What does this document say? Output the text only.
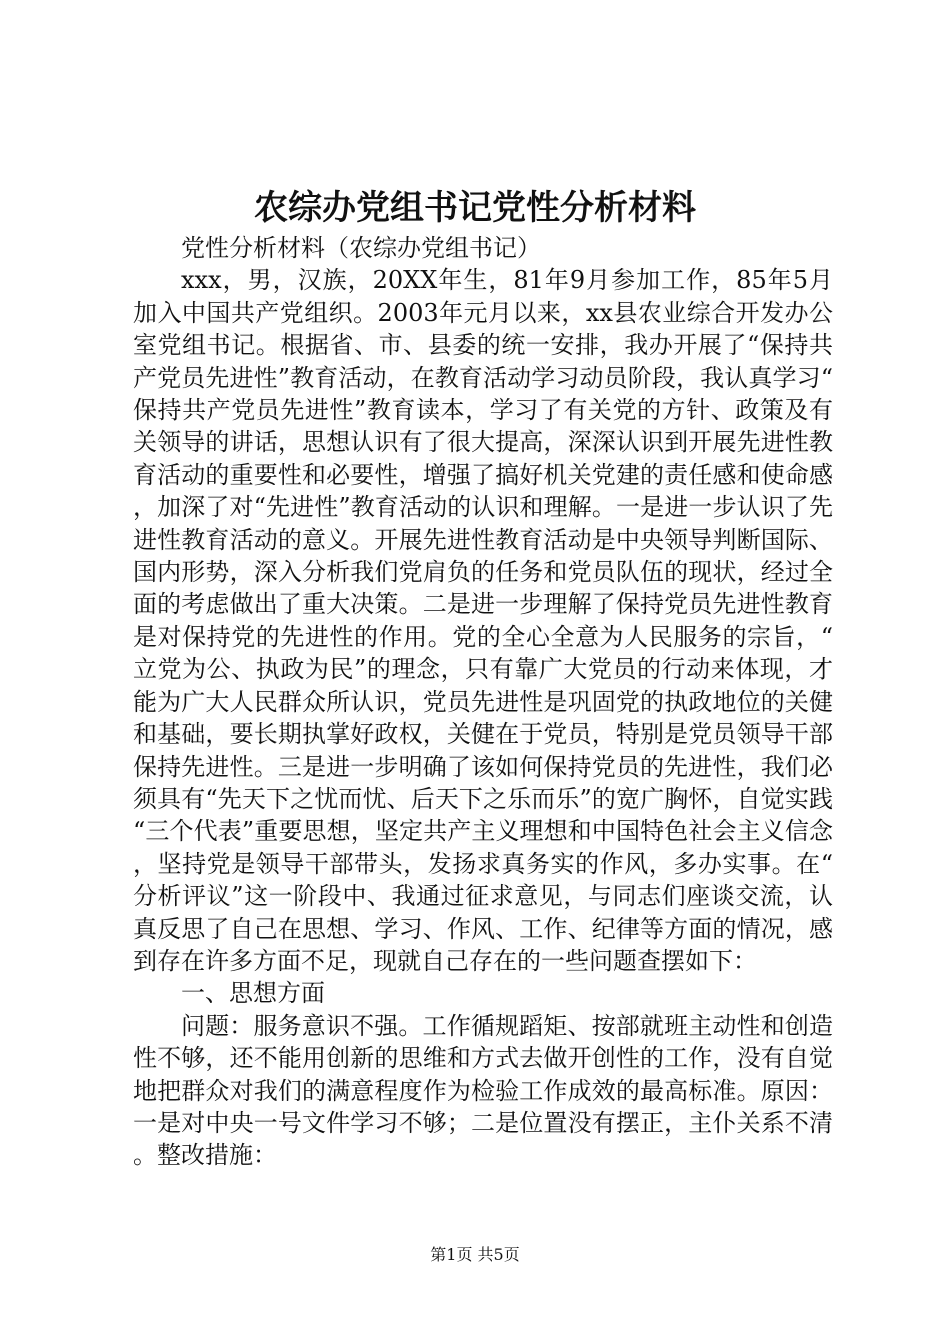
农综办党组书记党性分析材料

党性分析材料（农综办党组书记）

xxx，男，汉族，20XX年生，81年9月参加工作，85年5月加入中国共产党组织。2003年元月以来，xx县农业综合开发办公室党组书记。根据省、市、县委的统一安排，我办开展了“保持共产党员先进性”教育活动，在教育活动学习动员阶段，我认真学习“保持共产党员先进性”教育读本，学习了有关党的方针、政策及有关领导的讲话，思想认识有了很大提高，深深认识到开展先进性教育活动的重要性和必要性，增强了搞好机关党建的责任感和使命感，加深了对“先进性”教育活动的认识和理解。一是进一步认识了先进性教育活动的意义。开展先进性教育活动是中央领导判断国际、国内形势，深入分析我们党肩负的任务和党员队伍的现状，经过全面的考虑做出了重大决策。二是进一步理解了保持党员先进性教育是对保持党的先进性的作用。党的全心全意为人民服务的宗旨，“立党为公、执政为民”的理念，只有靠广大党员的行动来体现，才能为广大人民群众所认识，党员先进性是巩固党的执政地位的关健和基础，要长期执掌好政权，关健在于党员，特别是党员领导干部保持先进性。三是进一步明确了该如何保持党员的先进性，我们必须具有“先天下之忧而忧、后天下之乐而乐”的宽广胸怀，自觉实践“三个代表”重要思想，坚定共产主义理想和中国特色社会主义信念，坚持党是领导干部带头，发扬求真务实的作风，多办实事。在“分析评议”这一阶段中、我通过征求意见，与同志们座谈交流，认真反思了自己在思想、学习、作风、工作、纪律等方面的情况，感到存在许多方面不足，现就自己存在的一些问题查摆如下：

一、思想方面

问题：服务意识不强。工作循规蹈矩、按部就班主动性和创造性不够，还不能用创新的思维和方式去做开创性的工作，没有自觉地把群众对我们的满意程度作为检验工作成效的最高标准。原因：一是对中央一号文件学习不够；二是位置没有摆正，主仆关系不清。整改措施：

第1页 共5页
